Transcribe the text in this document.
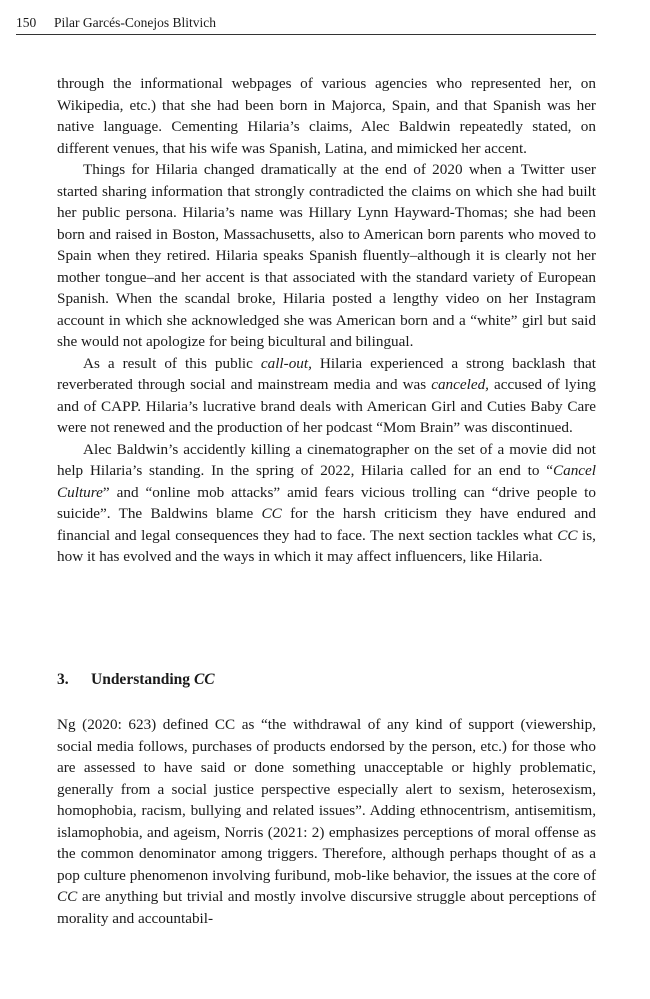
150 Pilar Garcés-Conejos Blitvich

through the informational webpages of various agencies who represented her, on Wikipedia, etc.) that she had been born in Majorca, Spain, and that Spanish was her native language. Cementing Hilaria’s claims, Alec Baldwin repeatedly stated, on different venues, that his wife was Spanish, Latina, and mimicked her accent.

Things for Hilaria changed dramatically at the end of 2020 when a Twitter user started sharing information that strongly contradicted the claims on which she had built her public persona. Hilaria’s name was Hillary Lynn Hayward-Thomas; she had been born and raised in Boston, Massachusetts, also to American born parents who moved to Spain when they retired. Hilaria speaks Spanish fluently–although it is clearly not her mother tongue–and her accent is that associated with the standard variety of European Spanish. When the scandal broke, Hilaria posted a lengthy video on her Instagram account in which she acknowledged she was American born and a “white” girl but said she would not apologize for being bicultural and bilingual.

As a result of this public call-out, Hilaria experienced a strong backlash that reverberated through social and mainstream media and was canceled, accused of lying and of CAPP. Hilaria’s lucrative brand deals with American Girl and Cuties Baby Care were not renewed and the production of her podcast “Mom Brain” was discontinued.

Alec Baldwin’s accidently killing a cinematographer on the set of a movie did not help Hilaria’s standing. In the spring of 2022, Hilaria called for an end to “Cancel Culture” and “online mob attacks” amid fears vicious trolling can “drive people to suicide”. The Baldwins blame CC for the harsh criticism they have endured and financial and legal consequences they had to face. The next section tackles what CC is, how it has evolved and the ways in which it may affect influencers, like Hilaria.

3. Understanding CC

Ng (2020: 623) defined CC as “the withdrawal of any kind of support (viewership, social media follows, purchases of products endorsed by the person, etc.) for those who are assessed to have said or done something unacceptable or highly problematic, generally from a social justice perspective especially alert to sexism, heterosexism, homophobia, racism, bullying and related issues”. Adding ethnocentrism, antisemitism, islamophobia, and ageism, Norris (2021: 2) emphasizes perceptions of moral offense as the common denominator among triggers. Therefore, although perhaps thought of as a pop culture phenomenon involving furibund, mob-like behavior, the issues at the core of CC are anything but trivial and mostly involve discursive struggle about perceptions of morality and accountabil-
